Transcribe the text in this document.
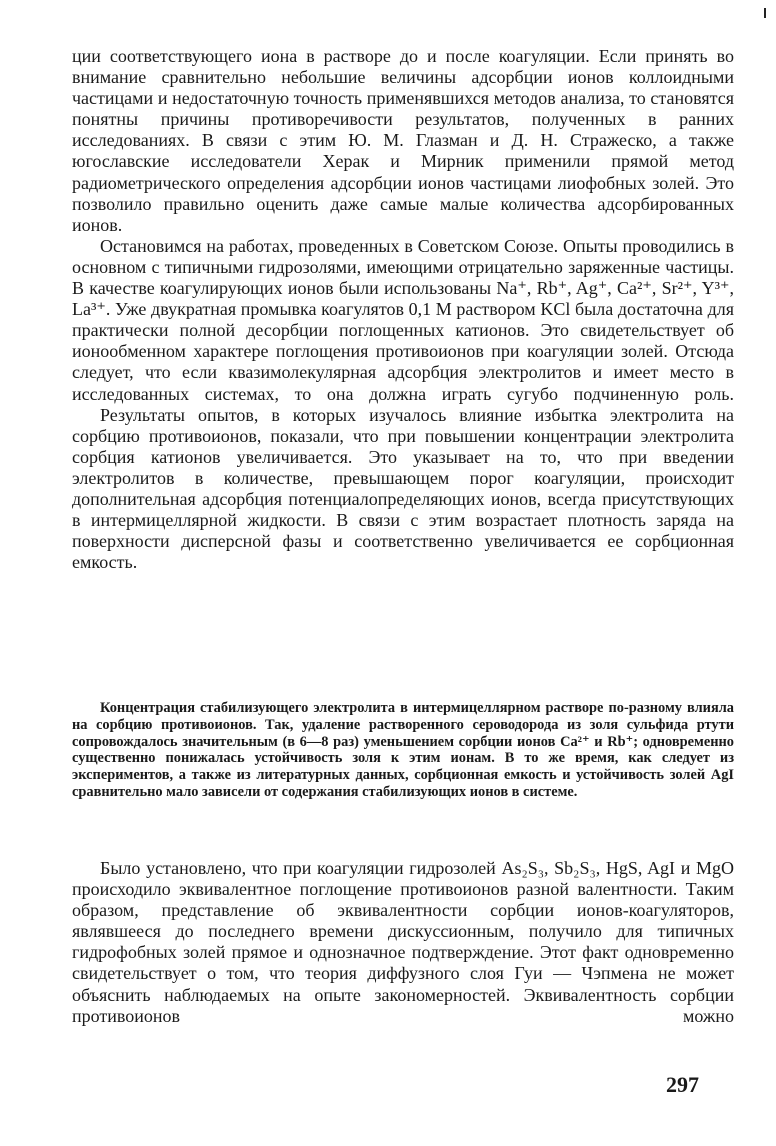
ции соответствующего иона в растворе до и после коагуляции. Если принять во внимание сравнительно небольшие величины адсорбции ионов коллоидными частицами и недостаточную точность применявшихся методов анализа, то становятся понятны причины противоречивости результатов, полученных в ранних исследованиях. В связи с этим Ю. М. Глазман и Д. Н. Стражеско, а также югославские исследователи Херак и Мирник применили прямой метод радиометрического определения адсорбции ионов частицами лиофобных золей. Это позволило правильно оценить даже самые малые количества адсорбированных ионов.

Остановимся на работах, проведенных в Советском Союзе. Опыты проводились в основном с типичными гидрозолями, имеющими отрицательно заряженные частицы. В качестве коагулирующих ионов были использованы Na⁺, Rb⁺, Ag⁺, Ca²⁺, Sr²⁺, Y³⁺, La³⁺. Уже двукратная промывка коагулятов 0,1 М раствором KCl была достаточна для практически полной десорбции поглощенных катионов. Это свидетельствует об ионообменном характере поглощения противоионов при коагуляции золей. Отсюда следует, что если квазимолекулярная адсорбция электролитов и имеет место в исследованных системах, то она должна играть сугубо подчиненную роль.

Результаты опытов, в которых изучалось влияние избытка электролита на сорбцию противоионов, показали, что при повышении концентрации электролита сорбция катионов увеличивается. Это указывает на то, что при введении электролитов в количестве, превышающем порог коагуляции, происходит дополнительная адсорбция потенциалопределяющих ионов, всегда присутствующих в интермицеллярной жидкости. В связи с этим возрастает плотность заряда на поверхности дисперсной фазы и соответственно увеличивается ее сорбционная емкость.

Концентрация стабилизующего электролита в интермицеллярном растворе по-разному влияла на сорбцию противоионов. Так, удаление растворенного сероводорода из золя сульфида ртути сопровождалось значительным (в 6—8 раз) уменьшением сорбции ионов Ca²⁺ и Rb⁺; одновременно существенно понижалась устойчивость золя к этим ионам. В то же время, как следует из экспериментов, а также из литературных данных, сорбционная емкость и устойчивость золей AgI сравнительно мало зависели от содержания стабилизующих ионов в системе.

Было установлено, что при коагуляции гидрозолей As₂S₃, Sb₂S₃, HgS, AgI и MgO происходило эквивалентное поглощение противоионов разной валентности. Таким образом, представление об эквивалентности сорбции ионов-коагуляторов, являвшееся до последнего времени дискуссионным, получило для типичных гидрофобных золей прямое и однозначное подтверждение. Этот факт одновременно свидетельствует о том, что теория диффузного слоя Гуи — Чэпмена не может объяснить наблюдаемых на опыте закономерностей. Эквивалентность сорбции противоионов можно

297
